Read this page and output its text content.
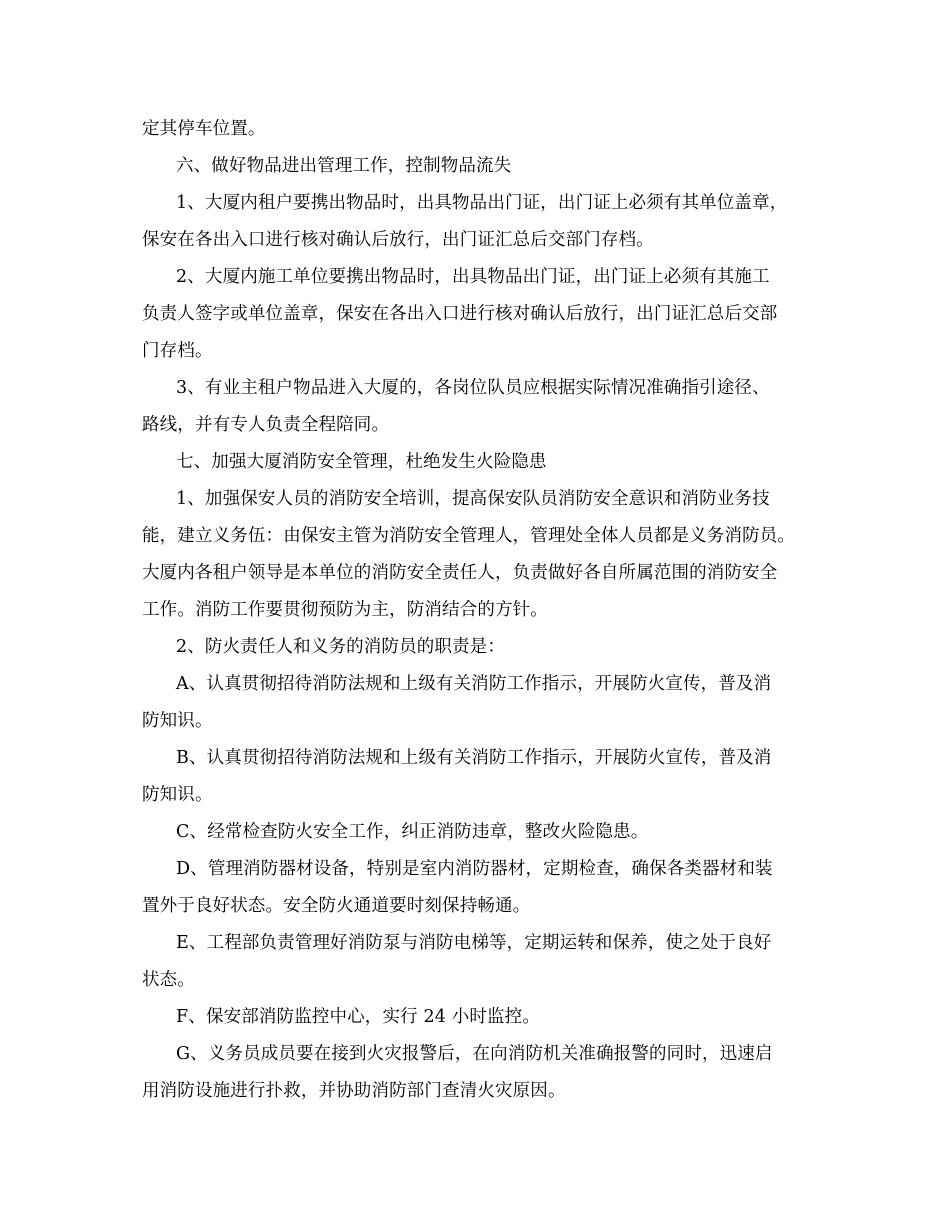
定其停车位置。
六、做好物品进出管理工作，控制物品流失
1、大厦内租户要携出物品时，出具物品出门证，出门证上必须有其单位盖章，
保安在各出入口进行核对确认后放行，出门证汇总后交部门存档。
2、大厦内施工单位要携出物品时，出具物品出门证，出门证上必须有其施工
负责人签字或单位盖章，保安在各出入口进行核对确认后放行，出门证汇总后交部
门存档。
3、有业主租户物品进入大厦的，各岗位队员应根据实际情况准确指引途径、
路线，并有专人负责全程陪同。
七、加强大厦消防安全管理，杜绝发生火险隐患
1、加强保安人员的消防安全培训，提高保安队员消防安全意识和消防业务技
能，建立义务伍：由保安主管为消防安全管理人，管理处全体人员都是义务消防员。
大厦内各租户领导是本单位的消防安全责任人，负责做好各自所属范围的消防安全
工作。消防工作要贯彻预防为主，防消结合的方针。
2、防火责任人和义务的消防员的职责是：
A、认真贯彻招待消防法规和上级有关消防工作指示，开展防火宣传，普及消
防知识。
B、认真贯彻招待消防法规和上级有关消防工作指示，开展防火宣传，普及消
防知识。
C、经常检查防火安全工作，纠正消防违章，整改火险隐患。
D、管理消防器材设备，特别是室内消防器材，定期检查，确保各类器材和装
置外于良好状态。安全防火通道要时刻保持畅通。
E、工程部负责管理好消防泵与消防电梯等，定期运转和保养，使之处于良好
状态。
F、保安部消防监控中心，实行 24 小时监控。
G、义务员成员要在接到火灾报警后，在向消防机关准确报警的同时，迅速启
用消防设施进行扑救，并协助消防部门查清火灾原因。
